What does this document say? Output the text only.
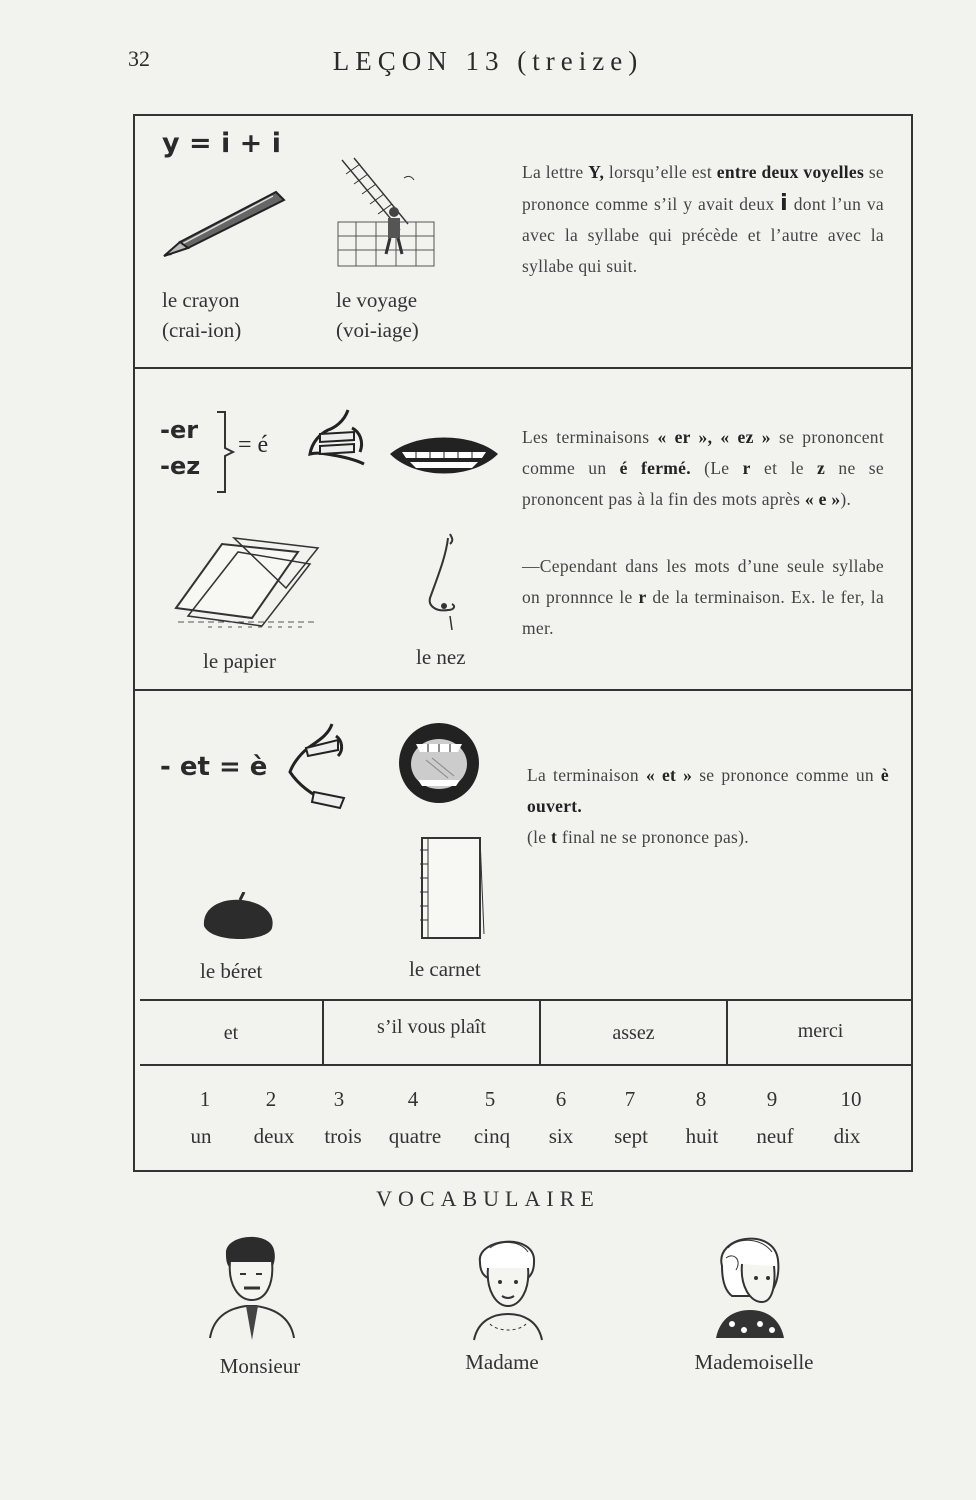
32	LEÇON 13 (treize)
y = i + i
le crayon
(crai-ion)
le voyage
(voi-iage)
La lettre Y, lorsqu’elle est entre deux voyelles se prononce comme s’il y avait deux i dont l’un va avec la syllabe qui précède et l’autre avec la syllabe qui suit.
-er
-ez
= é
le papier	le nez
Les terminaisons « er », « ez » se prononcent comme un é fermé. (Le r et le z ne se prononcent pas à la fin des mots après « e »).
—Cependant dans les mots d’une seule syllabe on pronnnce le r de la terminaison. Ex. le fer, la mer.
- et = è
le béret	le carnet
La terminaison « et » se prononce comme un è ouvert.
(le t final ne se prononce pas).
et	s’il vous plaît	assez	merci
1	2	3	4	5	6	7	8	9	10
un	deux	trois	quatre	cinq	six	sept	huit	neuf	dix
VOCABULAIRE
Monsieur	Madame	Mademoiselle
